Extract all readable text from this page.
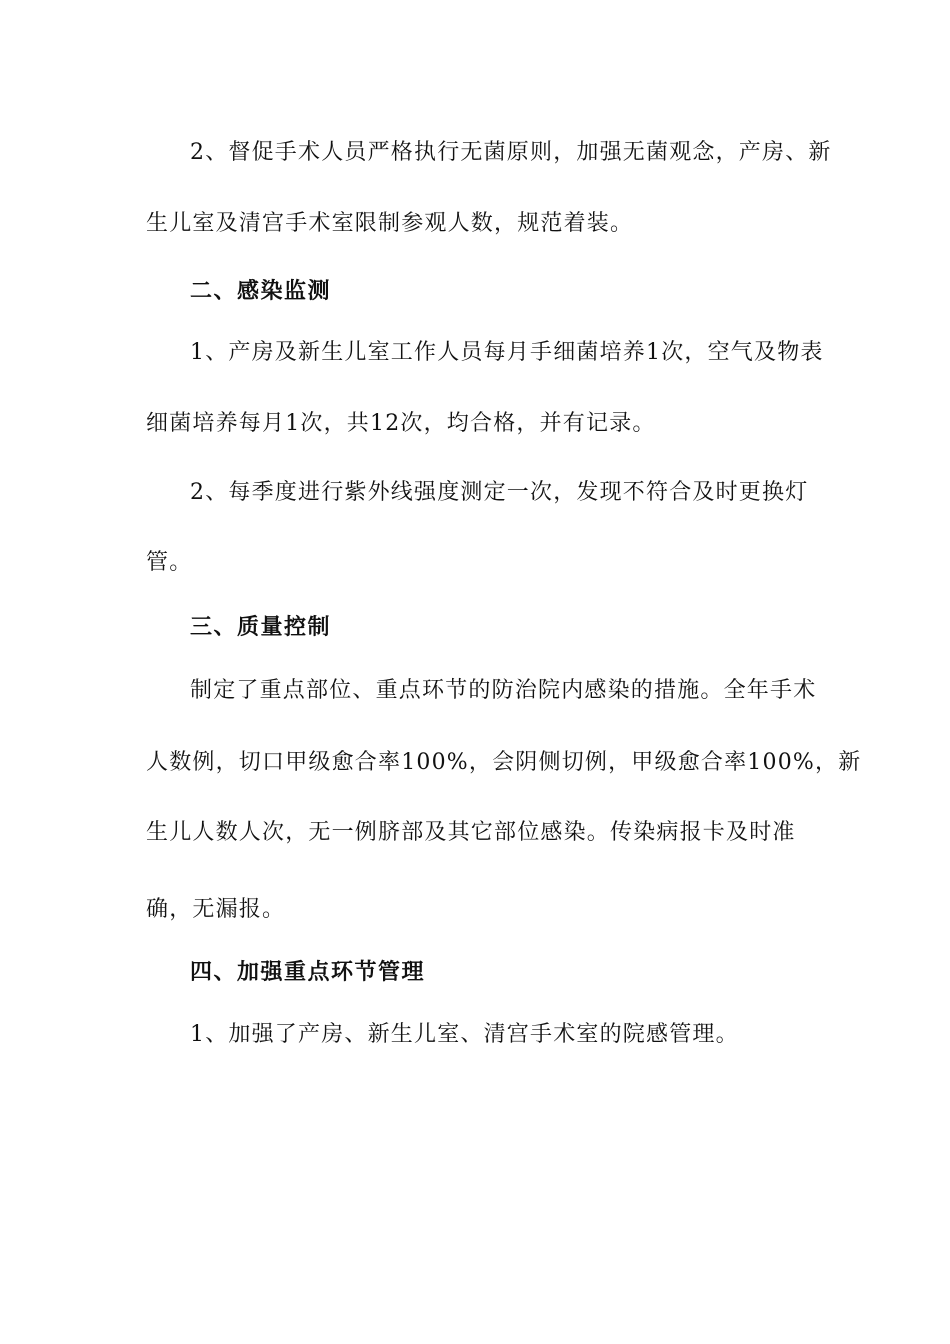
2、督促手术人员严格执行无菌原则，加强无菌观念，产房、新
生儿室及清宫手术室限制参观人数，规范着装。
二、感染监测
1、产房及新生儿室工作人员每月手细菌培养1次，空气及物表
细菌培养每月1次，共12次，均合格，并有记录。
2、每季度进行紫外线强度测定一次，发现不符合及时更换灯
管。
三、质量控制
制定了重点部位、重点环节的防治院内感染的措施。全年手术
人数例，切口甲级愈合率100%，会阴侧切例，甲级愈合率100%，新
生儿人数人次，无一例脐部及其它部位感染。传染病报卡及时准
确，无漏报。
四、加强重点环节管理
1、加强了产房、新生儿室、清宫手术室的院感管理。
